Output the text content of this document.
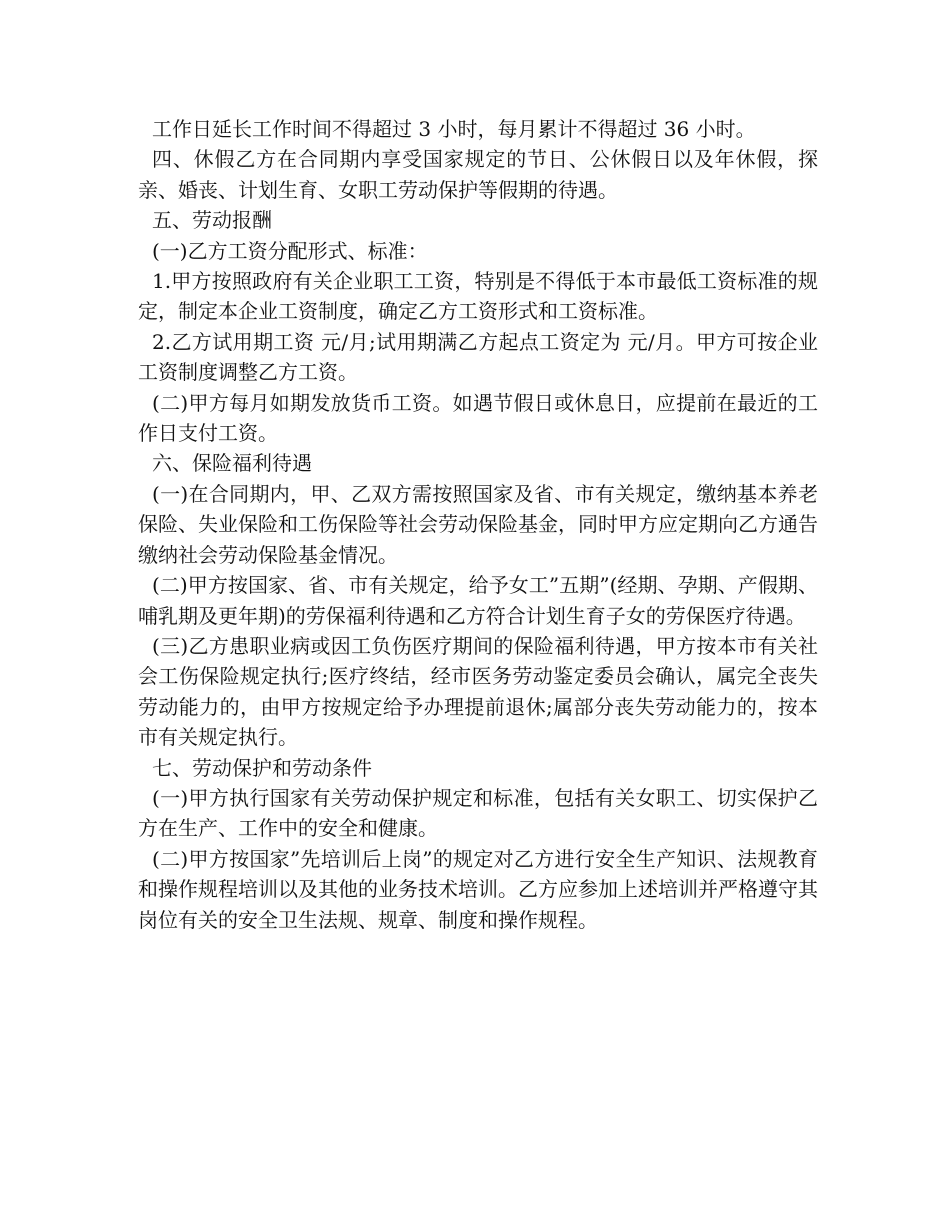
工作日延长工作时间不得超过 3 小时，每月累计不得超过 36 小时。

四、休假乙方在合同期内享受国家规定的节日、公休假日以及年休假，探亲、婚丧、计划生育、女职工劳动保护等假期的待遇。

五、劳动报酬

(一)乙方工资分配形式、标准：

1.甲方按照政府有关企业职工工资，特别是不得低于本市最低工资标准的规定，制定本企业工资制度，确定乙方工资形式和工资标准。

2.乙方试用期工资 元/月;试用期满乙方起点工资定为 元/月。甲方可按企业工资制度调整乙方工资。

(二)甲方每月如期发放货币工资。如遇节假日或休息日，应提前在最近的工作日支付工资。

六、保险福利待遇

(一)在合同期内，甲、乙双方需按照国家及省、市有关规定，缴纳基本养老保险、失业保险和工伤保险等社会劳动保险基金，同时甲方应定期向乙方通告缴纳社会劳动保险基金情况。

(二)甲方按国家、省、市有关规定，给予女工”五期”(经期、孕期、产假期、哺乳期及更年期)的劳保福利待遇和乙方符合计划生育子女的劳保医疗待遇。

(三)乙方患职业病或因工负伤医疗期间的保险福利待遇，甲方按本市有关社会工伤保险规定执行;医疗终结，经市医务劳动鉴定委员会确认，属完全丧失劳动能力的，由甲方按规定给予办理提前退休;属部分丧失劳动能力的，按本市有关规定执行。

七、劳动保护和劳动条件

(一)甲方执行国家有关劳动保护规定和标准，包括有关女职工、切实保护乙方在生产、工作中的安全和健康。

(二)甲方按国家”先培训后上岗”的规定对乙方进行安全生产知识、法规教育和操作规程培训以及其他的业务技术培训。乙方应参加上述培训并严格遵守其岗位有关的安全卫生法规、规章、制度和操作规程。
